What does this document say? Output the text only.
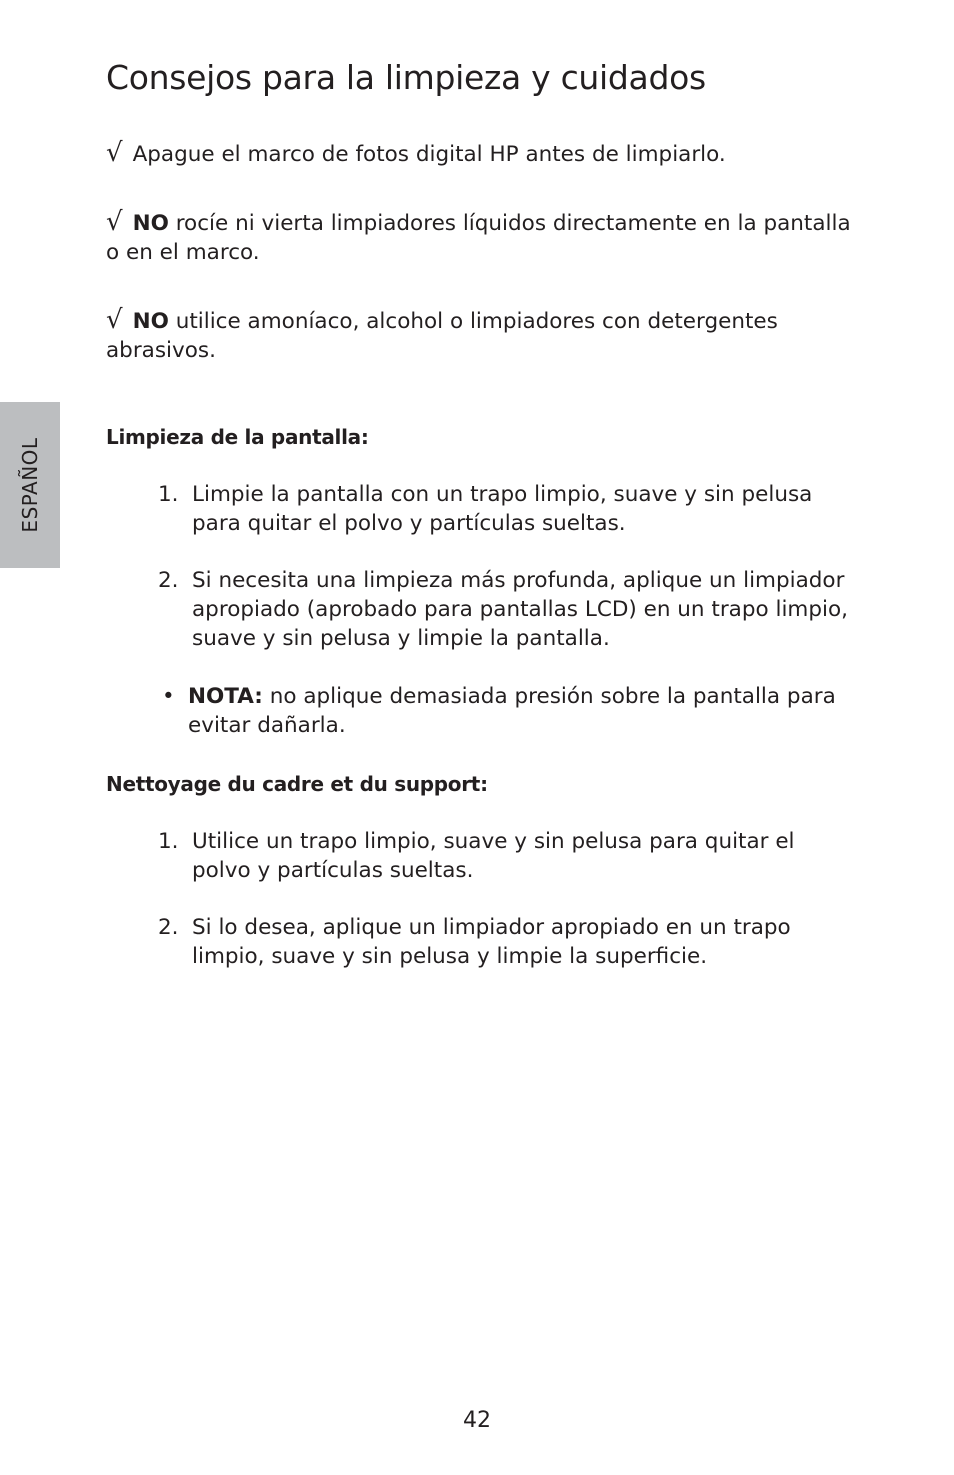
ESPAÑOL
Consejos para la limpieza y cuidados

√ Apague el marco de fotos digital HP antes de limpiarlo.

√ NO rocíe ni vierta limpiadores líquidos directamente en la pantalla o en el marco.

√ NO utilice amoníaco, alcohol o limpiadores con detergentes abrasivos.

Limpieza de la pantalla:
1. Limpie la pantalla con un trapo limpio, suave y sin pelusa para quitar el polvo y partículas sueltas.
2. Si necesita una limpieza más profunda, aplique un limpiador apropiado (aprobado para pantallas LCD) en un trapo limpio, suave y sin pelusa y limpie la pantalla.
• NOTA: no aplique demasiada presión sobre la pantalla para evitar dañarla.
Nettoyage du cadre et du support:
1. Utilice un trapo limpio, suave y sin pelusa para quitar el polvo y partículas sueltas.
2. Si lo desea, aplique un limpiador apropiado en un trapo limpio, suave y sin pelusa y limpie la superficie.
42
